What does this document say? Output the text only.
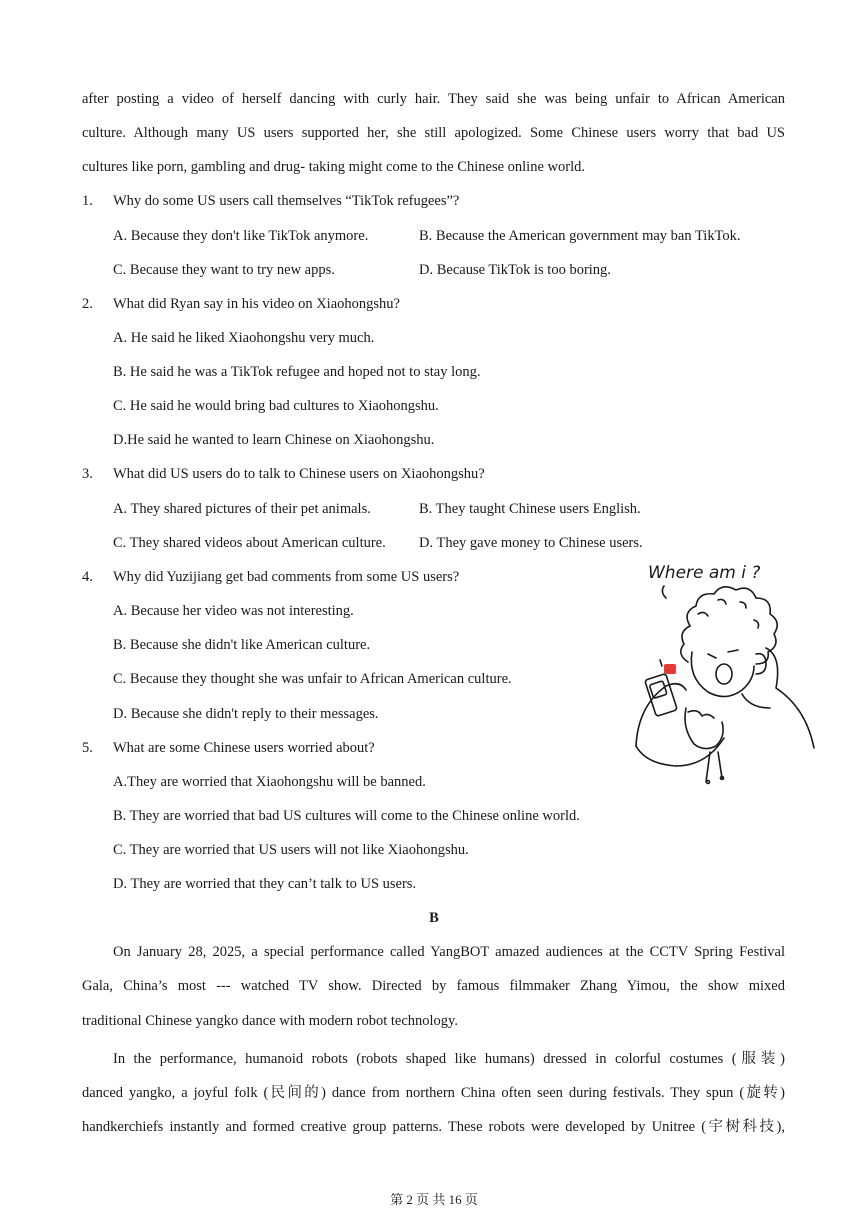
after posting a video of herself dancing with curly hair. They said she was being unfair to African American
culture. Although many US users supported her, she still apologized. Some Chinese users worry that bad US
cultures like porn, gambling and drug- taking might come to the Chinese online world.
1. Why do some US users call themselves “TikTok refugees”?
A. Because they don't like TikTok anymore.	B. Because the American government may ban TikTok.
C. Because they want to try new apps.	D. Because TikTok is too boring.
2. What did Ryan say in his video on Xiaohongshu?
A. He said he liked Xiaohongshu very much.
B. He said he was a TikTok refugee and hoped not to stay long.
C. He said he would bring bad cultures to Xiaohongshu.
D.He said he wanted to learn Chinese on Xiaohongshu.
3. What did US users do to talk to Chinese users on Xiaohongshu?
A. They shared pictures of their pet animals.	B. They taught Chinese users English.
C. They shared videos about American culture. D. They gave money to Chinese users.
4. Why did Yuzijiang get bad comments from some US users?
A. Because her video was not interesting.
B. Because she didn't like American culture.
C. Because they thought she was unfair to African American culture.
D. Because she didn't reply to their messages.
5. What are some Chinese users worried about?
A.They are worried that Xiaohongshu will be banned.
B. They are worried that bad US cultures will come to the Chinese online world.
C. They are worried that US users will not like Xiaohongshu.
D. They are worried that they can’t talk to US users.
Where am i ?
B
On January 28, 2025, a special performance called YangBOT amazed audiences at the CCTV Spring Festival
Gala, China’s most --- watched TV show. Directed by famous filmmaker Zhang Yimou, the show mixed
traditional Chinese yangko dance with modern robot technology.
In the performance, humanoid robots (robots shaped like humans) dressed in colorful costumes (服装)
danced yangko, a joyful folk (民间的) dance from northern China often seen during festivals. They spun (旋转)
handkerchiefs instantly and formed creative group patterns. These robots were developed by Unitree (宇树科技),
第 2 页 共 16 页
